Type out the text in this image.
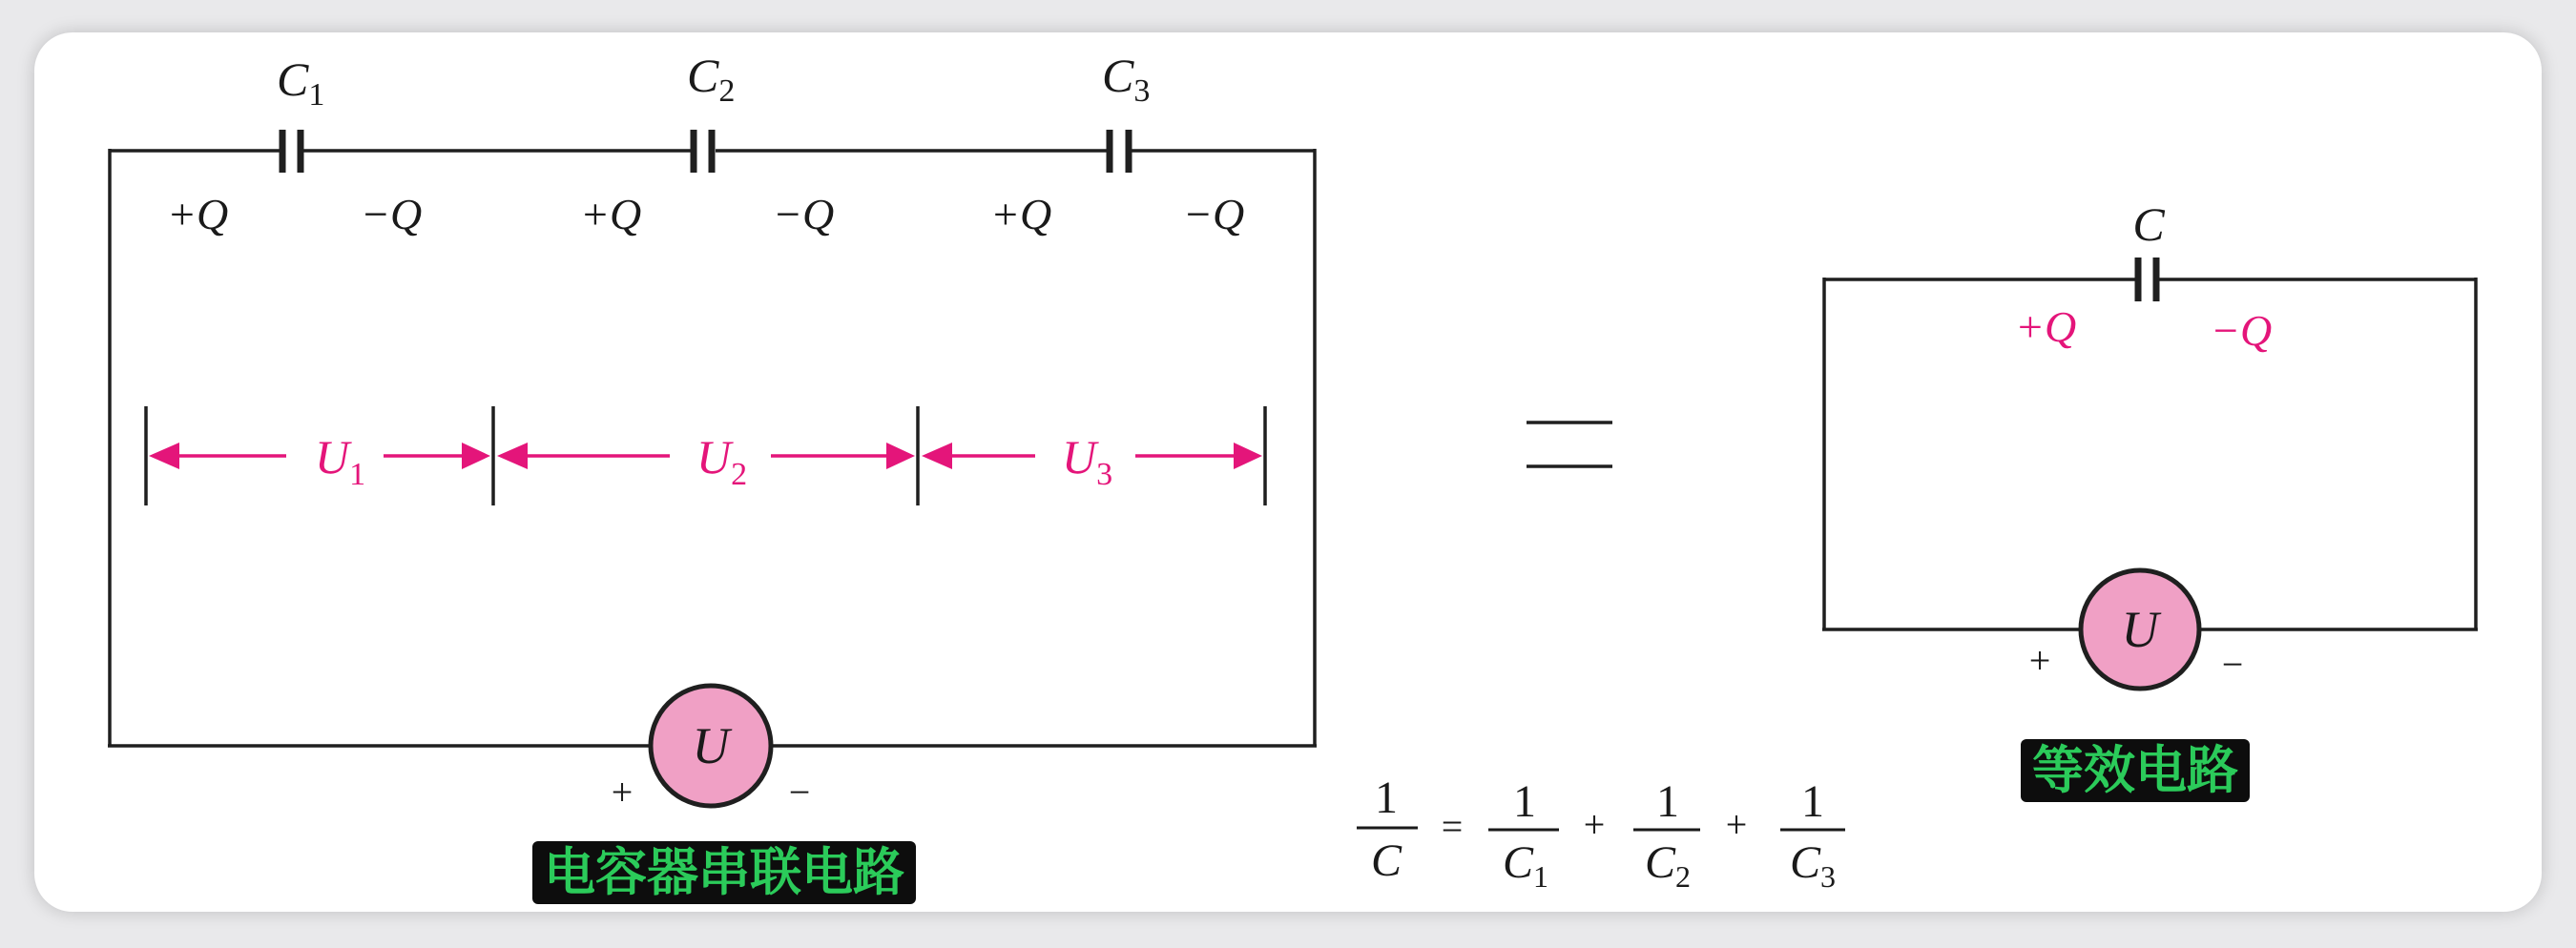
$C_1$	$C_2$	$C_3$
+Q	−Q	+Q	−Q	+Q	−Q
$U_1$	$U_2$	$U_3$
U
+	−
C
+Q	−Q
U
+	−
1
C
= 1
$C_1$
+ 1
$C_2$
+ 1
$C_3$
电容器串联电路
等效电路
